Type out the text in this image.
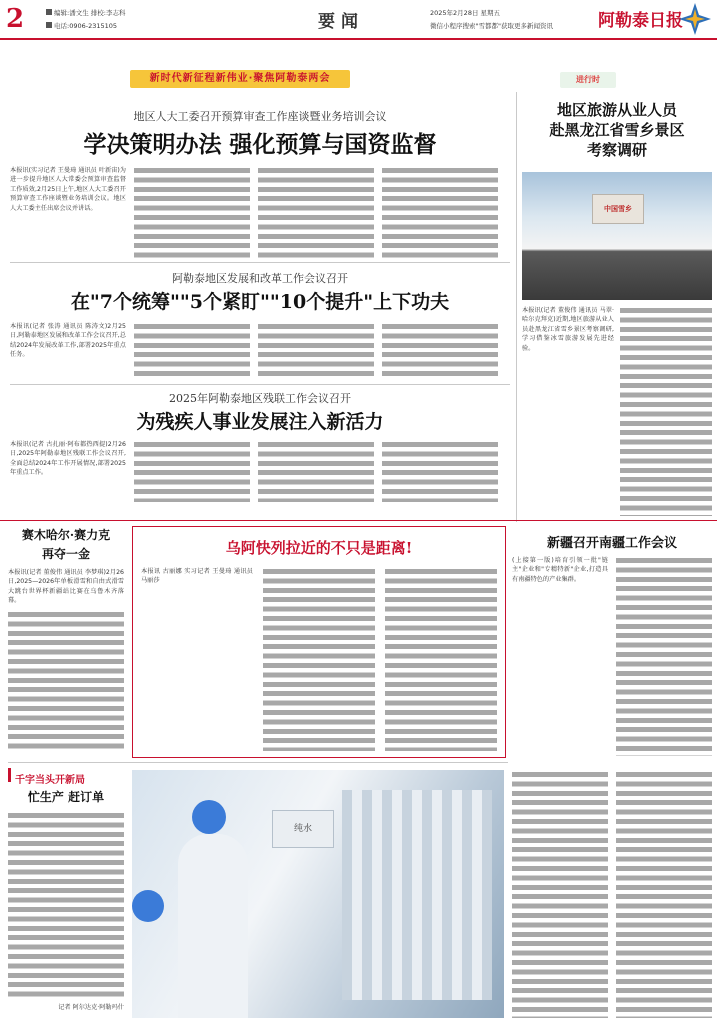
2	编辑:潘文生 排校:李志科
电话:0906-2315105	要闻	2025年2月28日 星期五
微信小程序搜索"雪都都"获取更多新闻资讯	阿勒泰日报
新时代新征程新伟业·聚焦阿勒泰两会	进行时
地区人大工委召开预算审查工作座谈暨业务培训会议
学决策明办法 强化预算与国资监督
本报讯(实习记者 王曼琦 通讯员 叶新宙)为进一步提升地区人大常委会预算审查监督工作质效,2月25日上午,地区人大工委召开预算审查工作座谈暨业务培训会议。地区人大工委主任出席会议并讲话。
阿勒泰地区发展和改革工作会议召开
在"7个统筹""5个紧盯""10个提升"上下功夫
本报讯(记者 张涛 通讯员 陈涛文)2月25日,阿勒泰地区发展和改革工作会议召开,总结2024年发展改革工作,部署2025年重点任务。
2025年阿勒泰地区残联工作会议召开
为残疾人事业发展注入新活力
本报讯(记者 古扎丽·阿布都热西提)2月26日,2025年阿勒泰地区残联工作会议召开,全面总结2024年工作开展情况,部署2025年重点工作。
地区旅游从业人员
赴黑龙江省雪乡景区
考察调研
中国雪乡
本报讯(记者 董俊伟 通讯员 马翠·哈尔克拜克)近期,地区旅游从业人员赴黑龙江省雪乡景区考察调研,学习借鉴冰雪旅游发展先进经验。
赛木哈尔·赛力克
再夺一金
本报讯(记者 董俊伟 通讯员 李梦琪)2月26日,2025—2026年单板滑雪和自由式滑雪大跳台世界杯新疆站比赛在乌鲁木齐落幕。
乌阿快列拉近的不只是距离!
本报讯 古丽娜 实习记者 王曼琦 通讯员 马丽莎
新疆召开南疆工作会议
(上接第一版)培育引领一批"链主"企业和"专精特新"企业,打造具有南疆特色的产业集群。
千字当头开新局
忙生产 赶订单
记者 阿尔达克·阿勒玛什
纯水
